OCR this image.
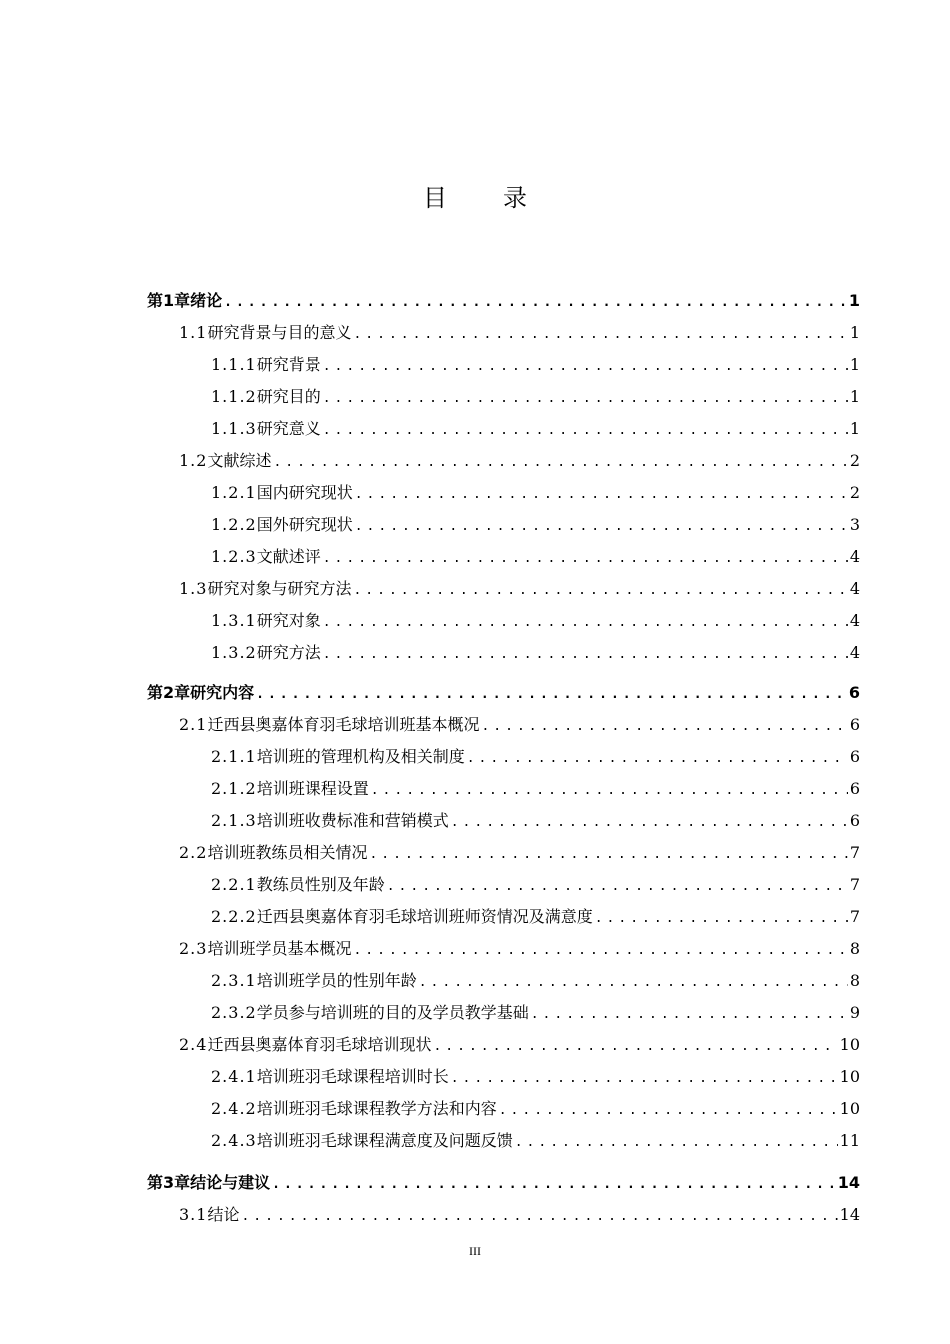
目 录
第1章 绪论 .....	1
1.1 研究背景与目的意义 .....	1
1.1.1 研究背景 .....	1
1.1.2 研究目的 .....	1
1.1.3 研究意义 .....	1
1.2 文献综述 .....	2
1.2.1 国内研究现状 .....	2
1.2.2 国外研究现状 .....	3
1.2.3 文献述评 .....	4
1.3 研究对象与研究方法 .....	4
1.3.1 研究对象 .....	4
1.3.2 研究方法 .....	4
第2章 研究内容 .....	6
2.1 迁西县奥嘉体育羽毛球培训班基本概况 .....	6
2.1.1 培训班的管理机构及相关制度 .....	6
2.1.2 培训班课程设置 .....	6
2.1.3 培训班收费标准和营销模式 .....	6
2.2 培训班教练员相关情况 .....	7
2.2.1 教练员性别及年龄 .....	7
2.2.2 迁西县奥嘉体育羽毛球培训班师资情况及满意度 .....	7
2.3 培训班学员基本概况 .....	8
2.3.1 培训班学员的性别年龄 .....	8
2.3.2 学员参与培训班的目的及学员教学基础 .....	9
2.4 迁西县奥嘉体育羽毛球培训现状 .....	10
2.4.1 培训班羽毛球课程培训时长 .....	10
2.4.2 培训班羽毛球课程教学方法和内容 .....	10
2.4.3 培训班羽毛球课程满意度及问题反馈 .....	11
第3章 结论与建议 .....	14
3.1 结论 .....	14
III
